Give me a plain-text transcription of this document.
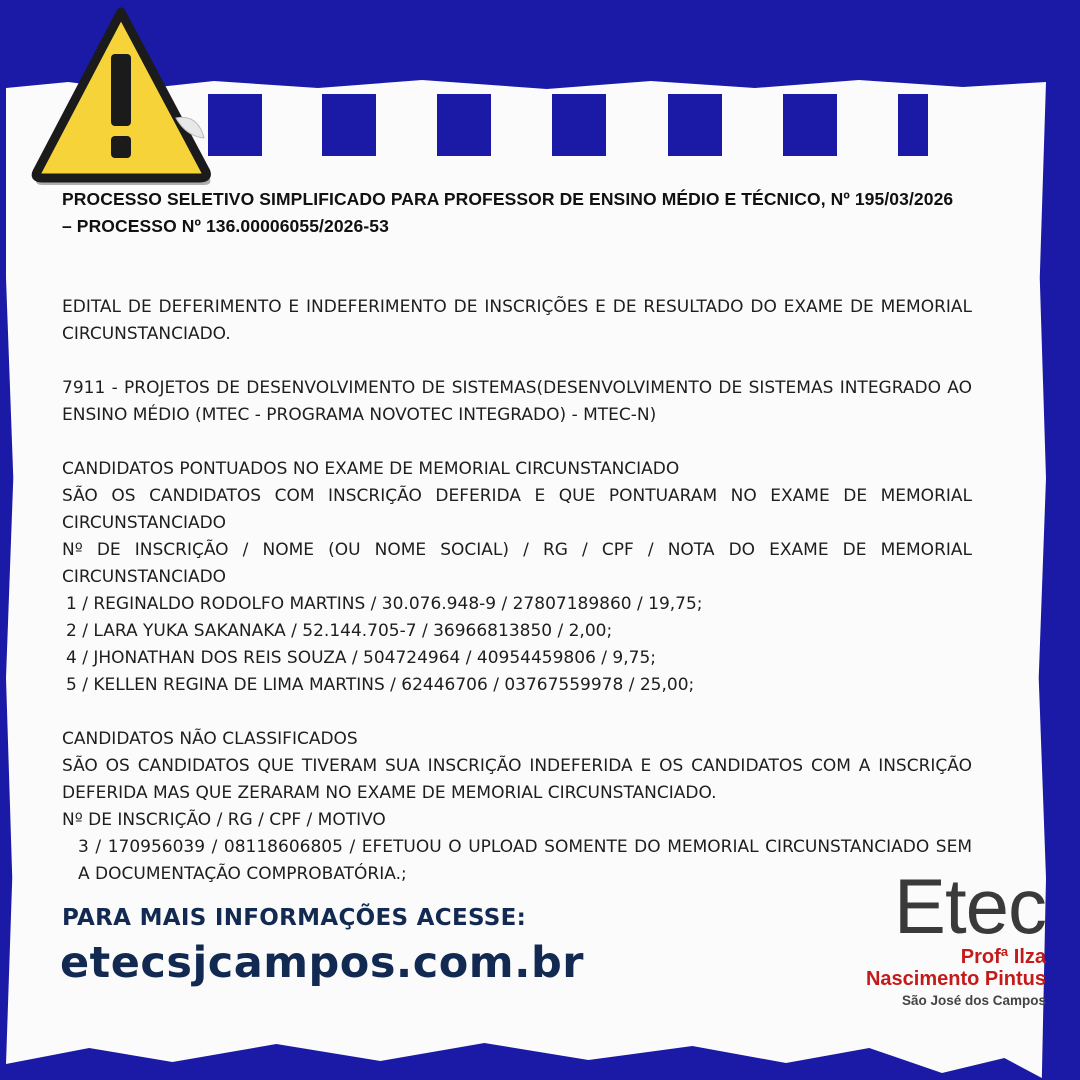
PROCESSO SELETIVO SIMPLIFICADO PARA PROFESSOR DE ENSINO MÉDIO E TÉCNICO, Nº 195/03/2026 – PROCESSO Nº 136.00006055/2026-53

EDITAL DE DEFERIMENTO E INDEFERIMENTO DE INSCRIÇÕES E DE RESULTADO DO EXAME DE MEMORIAL CIRCUNSTANCIADO.

7911 - PROJETOS DE DESENVOLVIMENTO DE SISTEMAS(DESENVOLVIMENTO DE SISTEMAS INTEGRADO AO ENSINO MÉDIO (MTEC - PROGRAMA NOVOTEC INTEGRADO) - MTEC-N)

CANDIDATOS PONTUADOS NO EXAME DE MEMORIAL CIRCUNSTANCIADO

SÃO OS CANDIDATOS COM INSCRIÇÃO DEFERIDA E QUE PONTUARAM NO EXAME DE MEMORIAL CIRCUNSTANCIADO

Nº DE INSCRIÇÃO / NOME (OU NOME SOCIAL) / RG / CPF / NOTA DO EXAME DE MEMORIAL CIRCUNSTANCIADO

1 / REGINALDO RODOLFO MARTINS / 30.076.948-9 / 27807189860 / 19,75;

2 / LARA YUKA SAKANAKA / 52.144.705-7 / 36966813850 / 2,00;

4 / JHONATHAN DOS REIS SOUZA / 504724964 / 40954459806 / 9,75;

5 / KELLEN REGINA DE LIMA MARTINS / 62446706 / 03767559978 / 25,00;

CANDIDATOS NÃO CLASSIFICADOS

SÃO OS CANDIDATOS QUE TIVERAM SUA INSCRIÇÃO INDEFERIDA E OS CANDIDATOS COM A INSCRIÇÃO DEFERIDA MAS QUE ZERARAM NO EXAME DE MEMORIAL CIRCUNSTANCIADO.

Nº DE INSCRIÇÃO / RG / CPF / MOTIVO

3 / 170956039 / 08118606805 / EFETUOU O UPLOAD SOMENTE DO MEMORIAL CIRCUNSTANCIADO SEM A DOCUMENTAÇÃO COMPROBATÓRIA.;

PARA MAIS INFORMAÇÕES ACESSE:
etecsjcampos.com.br
Etec
Profª Ilza
Nascimento Pintus
São José dos Campos
